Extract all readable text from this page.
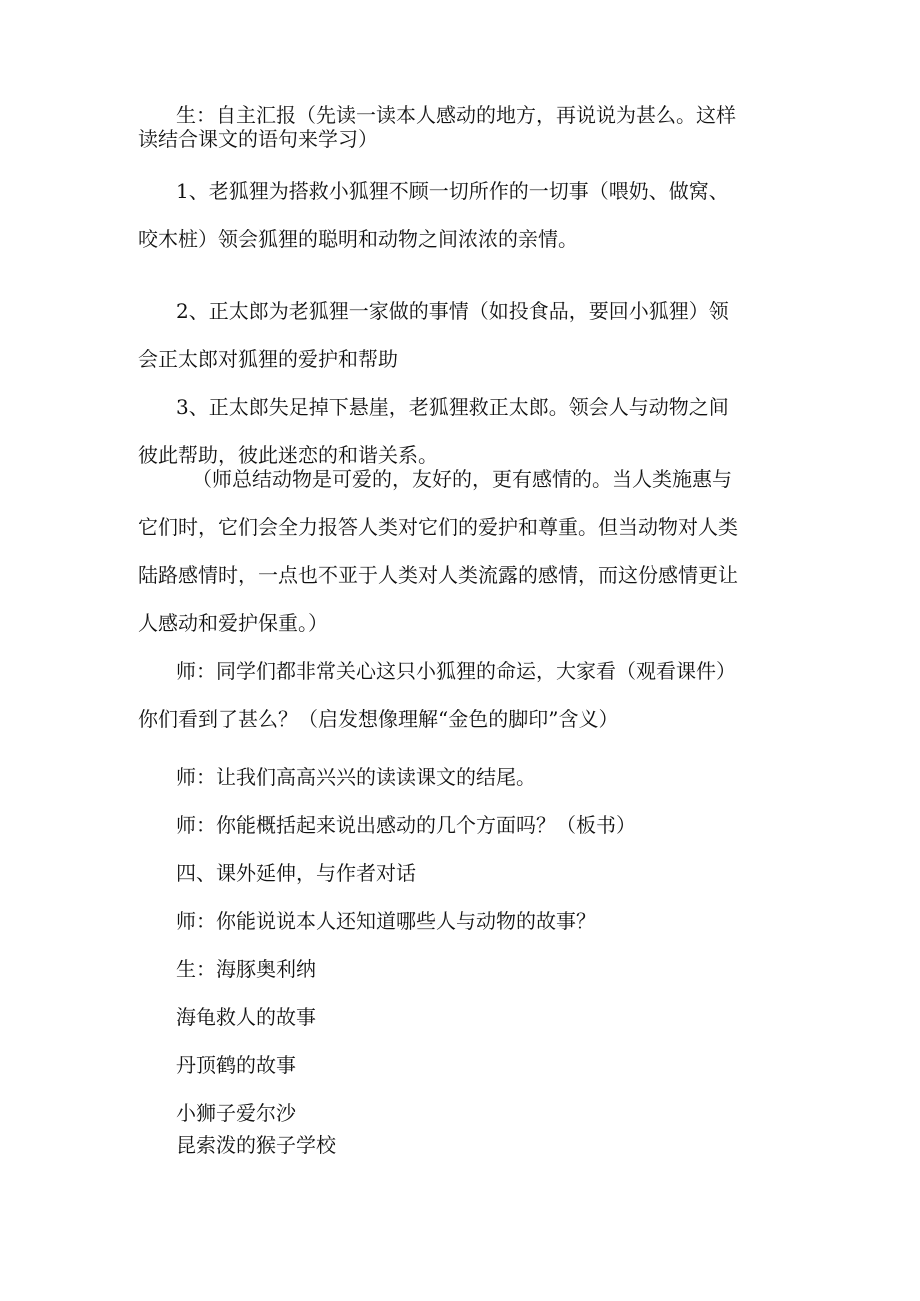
生：自主汇报（先读一读本人感动的地方，再说说为甚么。这样
读结合课文的语句来学习）

1、老狐狸为搭救小狐狸不顾一切所作的一切事（喂奶、做窝、
咬木桩）领会狐狸的聪明和动物之间浓浓的亲情。

2、正太郎为老狐狸一家做的事情（如投食品，要回小狐狸）领
会正太郎对狐狸的爱护和帮助

3、正太郎失足掉下悬崖，老狐狸救正太郎。领会人与动物之间
彼此帮助，彼此迷恋的和谐关系。

（师总结动物是可爱的，友好的，更有感情的。当人类施惠与
它们时，它们会全力报答人类对它们的爱护和尊重。但当动物对人类
陆路感情时，一点也不亚于人类对人类流露的感情，而这份感情更让
人感动和爱护保重。）

师：同学们都非常关心这只小狐狸的命运，大家看（观看课件）
你们看到了甚么？（启发想像理解“金色的脚印”含义）

师：让我们高高兴兴的读读课文的结尾。

师：你能概括起来说出感动的几个方面吗？（板书）

四、课外延伸，与作者对话

师：你能说说本人还知道哪些人与动物的故事？

生：海豚奥利纳

海龟救人的故事

丹顶鹤的故事

小狮子爱尔沙

昆索泼的猴子学校
